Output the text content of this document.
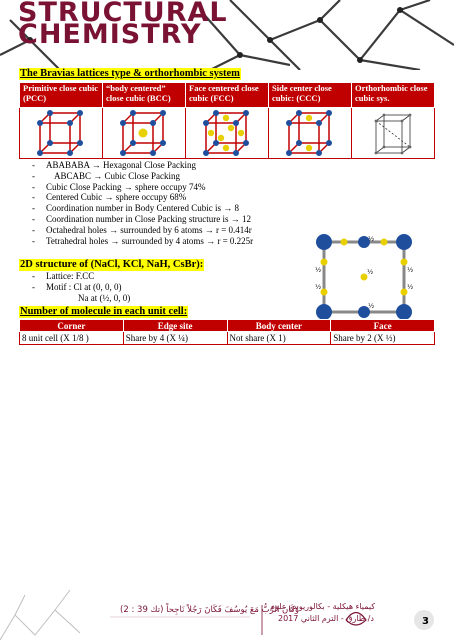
STRUCTURAL
CHEMISTRY
The Bravias lattices type & orthorhombic system
Primitive close cubic (PCC)	“body centered” close cubic (BCC)	Face centered close cubic (FCC)	Side center close cubic: (CCC)	Orthorhombic close cubic sys.

- ABABABA → Hexagonal Close Packing
- ABCABC → Cubic Close Packing
- Cubic Close Packing → sphere occupy 74%
- Centered Cubic → sphere occupy 68%
- Coordination number in Body Centered Cubic is → 8
- Coordination number in Close Packing structure is → 12
- Octahedral holes → surrounded by 6 atoms → r = 0.414r
- Tetrahedral holes → surrounded by 4 atoms → r = 0.225r	½
½	½
½
½	½
½
2D structure of (NaCl, KCl, NaH, CsBr):
- Lattice: F.CC
- Motif : Cl at (0, 0, 0)
Na at (½, 0, 0)
Number of molecule in each unit cell:
Corner	Edge site	Body center	Face
8 unit cell (X 1/8 )	Share by 4 (X ¼)	Not share (X 1)	Share by 2 (X ½)
وَكَانَ الرَّبُّ مَعَ يُوسُفَ فَكَانَ رَجُلاً نَاجِحاً (تك 39 : 2)
كيمياء هيكلية - بكالوريوس علوم
د/ طارق - الترم الثاني 2017	3
